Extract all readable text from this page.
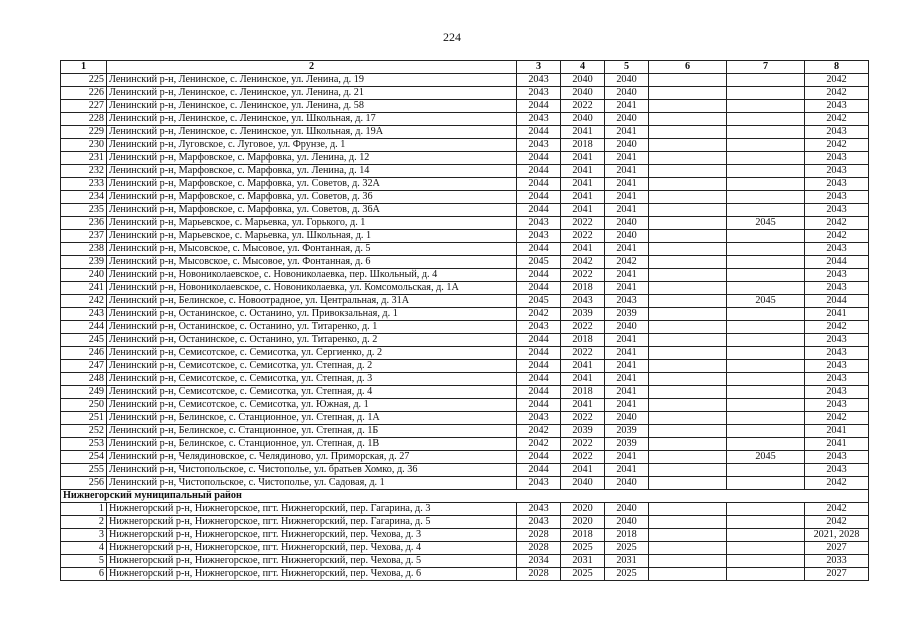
224
1	2	3	4	5	6	7	8
225	Ленинский р-н, Ленинское, с. Ленинское, ул. Ленина, д. 19	2043	2040	2040			2042
226	Ленинский р-н, Ленинское, с. Ленинское, ул. Ленина, д. 21	2043	2040	2040			2042
227	Ленинский р-н, Ленинское, с. Ленинское, ул. Ленина, д. 58	2044	2022	2041			2043
228	Ленинский р-н, Ленинское, с. Ленинское, ул. Школьная, д. 17	2043	2040	2040			2042
229	Ленинский р-н, Ленинское, с. Ленинское, ул. Школьная, д. 19А	2044	2041	2041			2043
230	Ленинский р-н, Луговское, с. Луговое, ул. Фрунзе, д. 1	2043	2018	2040			2042
231	Ленинский р-н, Марфовское, с. Марфовка, ул. Ленина, д. 12	2044	2041	2041			2043
232	Ленинский р-н, Марфовское, с. Марфовка, ул. Ленина, д. 14	2044	2041	2041			2043
233	Ленинский р-н, Марфовское, с. Марфовка, ул. Советов, д. 32А	2044	2041	2041			2043
234	Ленинский р-н, Марфовское, с. Марфовка, ул. Советов, д. 36	2044	2041	2041			2043
235	Ленинский р-н, Марфовское, с. Марфовка, ул. Советов, д. 36А	2044	2041	2041			2043
236	Ленинский р-н, Марьевское, с. Марьевка, ул. Горького, д. 1	2043	2022	2040		2045	2042
237	Ленинский р-н, Марьевское, с. Марьевка, ул. Школьная, д. 1	2043	2022	2040			2042
238	Ленинский р-н, Мысовское, с. Мысовое, ул. Фонтанная, д. 5	2044	2041	2041			2043
239	Ленинский р-н, Мысовское, с. Мысовое, ул. Фонтанная, д. 6	2045	2042	2042			2044
240	Ленинский р-н, Новониколаевское, с. Новониколаевка, пер. Школьный, д. 4	2044	2022	2041			2043
241	Ленинский р-н, Новониколаевское, с. Новониколаевка, ул. Комсомольская, д. 1А	2044	2018	2041			2043
242	Ленинский р-н, Белинское, с. Новоотрадное, ул. Центральная, д. 31А	2045	2043	2043		2045	2044
243	Ленинский р-н, Останинское, с. Останино, ул. Привокзальная, д. 1	2042	2039	2039			2041
244	Ленинский р-н, Останинское, с. Останино, ул. Титаренко, д. 1	2043	2022	2040			2042
245	Ленинский р-н, Останинское, с. Останино, ул. Титаренко, д. 2	2044	2018	2041			2043
246	Ленинский р-н, Семисотское, с. Семисотка, ул. Сергиенко, д. 2	2044	2022	2041			2043
247	Ленинский р-н, Семисотское, с. Семисотка, ул. Степная, д. 2	2044	2041	2041			2043
248	Ленинский р-н, Семисотское, с. Семисотка, ул. Степная, д. 3	2044	2041	2041			2043
249	Ленинский р-н, Семисотское, с. Семисотка, ул. Степная, д. 4	2044	2018	2041			2043
250	Ленинский р-н, Семисотское, с. Семисотка, ул. Южная, д. 1	2044	2041	2041			2043
251	Ленинский р-н, Белинское, с. Станционное, ул. Степная, д. 1А	2043	2022	2040			2042
252	Ленинский р-н, Белинское, с. Станционное, ул. Степная, д. 1Б	2042	2039	2039			2041
253	Ленинский р-н, Белинское, с. Станционное, ул. Степная, д. 1В	2042	2022	2039			2041
254	Ленинский р-н, Челядиновское, с. Челядиново, ул. Приморская, д. 27	2044	2022	2041		2045	2043
255	Ленинский р-н, Чистопольское, с. Чистополье, ул. братьев Хомко, д. 36	2044	2041	2041			2043
256	Ленинский р-н, Чистопольское, с. Чистополье, ул. Садовая, д. 1	2043	2040	2040			2042
Нижнегорский муниципальный район							
1	Нижнегорский р-н, Нижнегорское, пгт. Нижнегорский, пер. Гагарина, д. 3	2043	2020	2040			2042
2	Нижнегорский р-н, Нижнегорское, пгт. Нижнегорский, пер. Гагарина, д. 5	2043	2020	2040			2042
3	Нижнегорский р-н, Нижнегорское, пгт. Нижнегорский, пер. Чехова, д. 3	2028	2018	2018			2021, 2028
4	Нижнегорский р-н, Нижнегорское, пгт. Нижнегорский, пер. Чехова, д. 4	2028	2025	2025			2027
5	Нижнегорский р-н, Нижнегорское, пгт. Нижнегорский, пер. Чехова, д. 5	2034	2031	2031			2033
6	Нижнегорский р-н, Нижнегорское, пгт. Нижнегорский, пер. Чехова, д. 6	2028	2025	2025			2027
